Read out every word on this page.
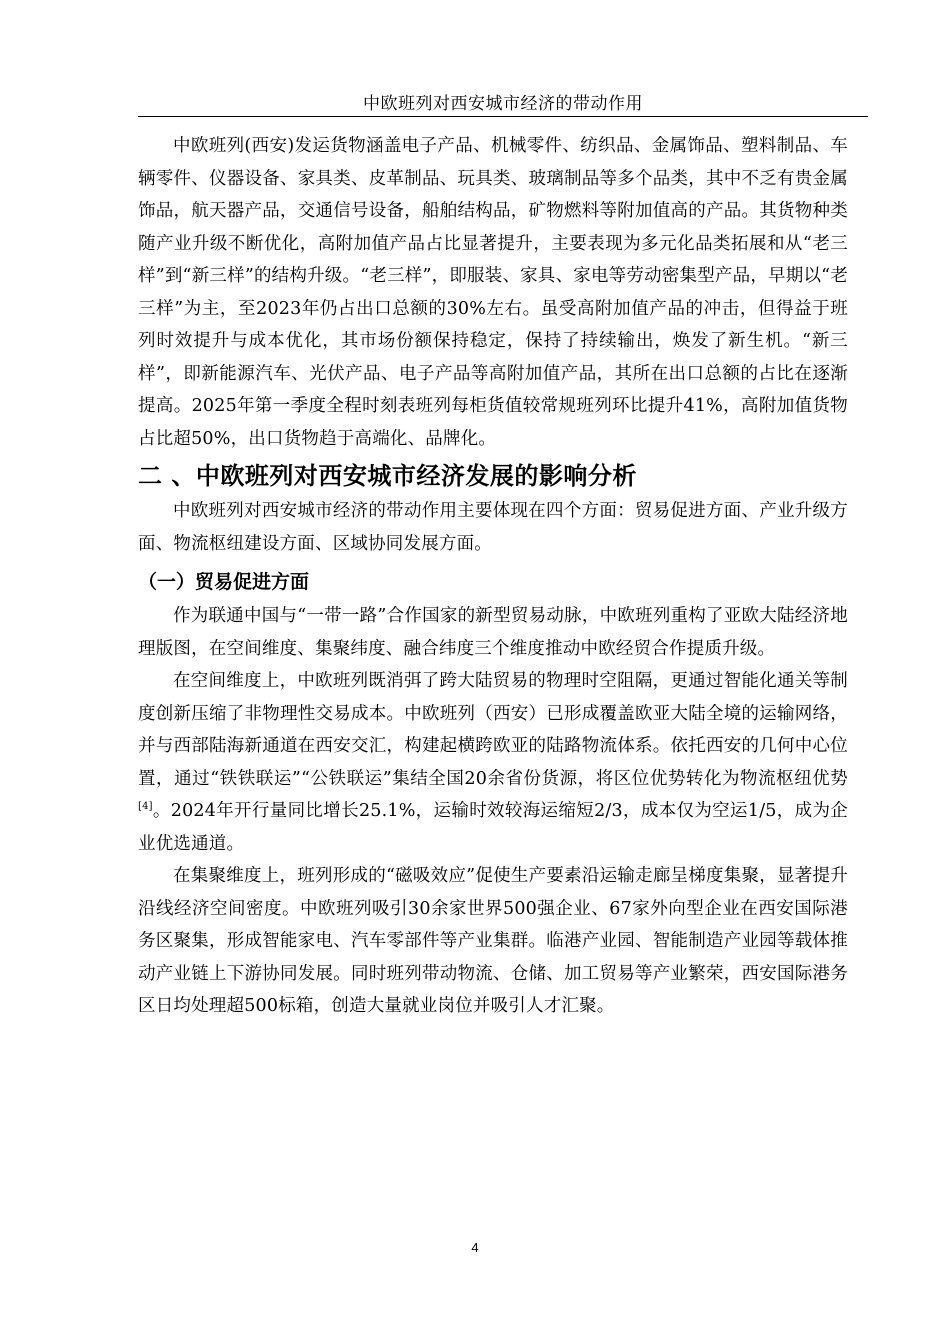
中欧班列对西安城市经济的带动作用

中欧班列(西安)发运货物涵盖电子产品、机械零件、纺织品、金属饰品、塑料制品、车辆零件、仪器设备、家具类、皮革制品、玩具类、玻璃制品等多个品类，其中不乏有贵金属饰品，航天器产品，交通信号设备，船舶结构品，矿物燃料等附加值高的产品。其货物种类随产业升级不断优化，高附加值产品占比显著提升，主要表现为多元化品类拓展和从“老三样”到“新三样”的结构升级。“老三样”，即服装、家具、家电等劳动密集型产品，早期以“老三样”为主，至2023年仍占出口总额的30%左右。虽受高附加值产品的冲击，但得益于班列时效提升与成本优化，其市场份额保持稳定，保持了持续输出，焕发了新生机。“新三样”，即新能源汽车、光伏产品、电子产品等高附加值产品，其所在出口总额的占比在逐渐提高。2025年第一季度全程时刻表班列每柜货值较常规班列环比提升41%，高附加值货物占比超50%，出口货物趋于高端化、品牌化。

二 、中欧班列对西安城市经济发展的影响分析

中欧班列对西安城市经济的带动作用主要体现在四个方面：贸易促进方面、产业升级方面、物流枢纽建设方面、区域协同发展方面。

（一）贸易促进方面

作为联通中国与“一带一路”合作国家的新型贸易动脉，中欧班列重构了亚欧大陆经济地理版图，在空间维度、集聚纬度、融合纬度三个维度推动中欧经贸合作提质升级。

在空间维度上，中欧班列既消弭了跨大陆贸易的物理时空阻隔，更通过智能化通关等制度创新压缩了非物理性交易成本。中欧班列（西安）已形成覆盖欧亚大陆全境的运输网络，并与西部陆海新通道在西安交汇，构建起横跨欧亚的陆路物流体系。依托西安的几何中心位置，通过“铁铁联运”“公铁联运”集结全国20余省份货源，将区位优势转化为物流枢纽优势[4]。2024年开行量同比增长25.1%，运输时效较海运缩短2/3，成本仅为空运1/5，成为企业优选通道。

在集聚维度上，班列形成的“磁吸效应”促使生产要素沿运输走廊呈梯度集聚，显著提升沿线经济空间密度。中欧班列吸引30余家世界500强企业、67家外向型企业在西安国际港务区聚集，形成智能家电、汽车零部件等产业集群。临港产业园、智能制造产业园等载体推动产业链上下游协同发展。同时班列带动物流、仓储、加工贸易等产业繁荣，西安国际港务区日均处理超500标箱，创造大量就业岗位并吸引人才汇聚。

4
